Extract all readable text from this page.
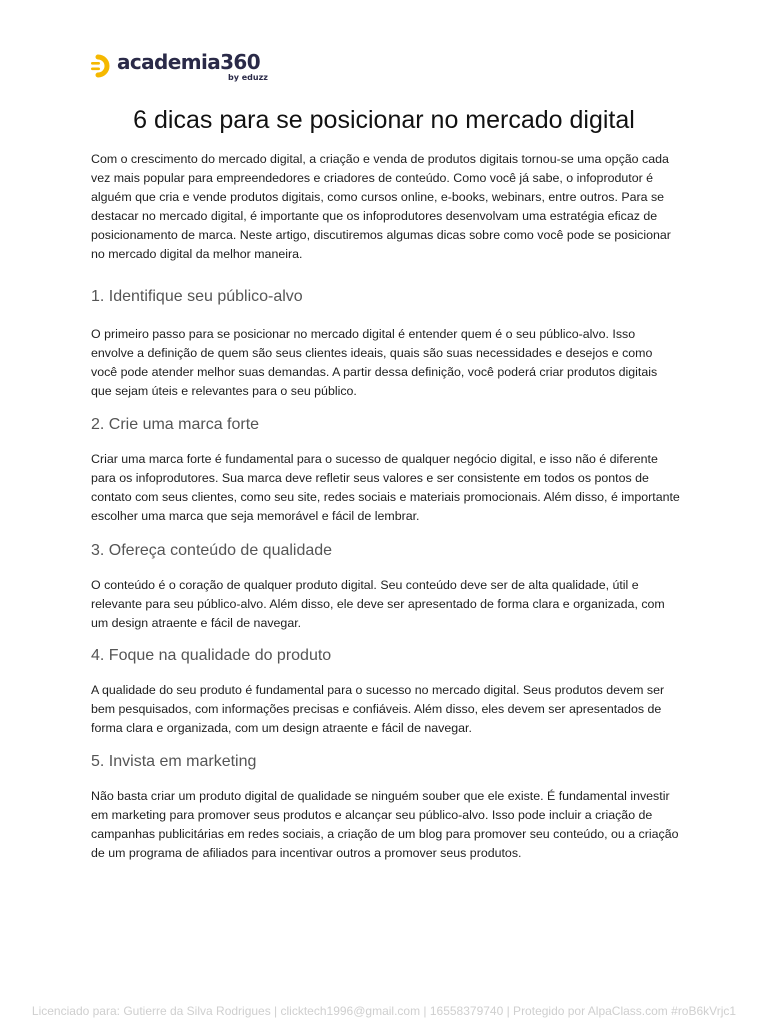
academia360
by eduzz
6 dicas para se posicionar no mercado digital

Com o crescimento do mercado digital, a criação e venda de produtos digitais tornou-se uma opção cada vez mais popular para empreendedores e criadores de conteúdo. Como você já sabe, o infoprodutor é alguém que cria e vende produtos digitais, como cursos online, e-books, webinars, entre outros. Para se destacar no mercado digital, é importante que os infoprodutores desenvolvam uma estratégia eficaz de posicionamento de marca. Neste artigo, discutiremos algumas dicas sobre como você pode se posicionar no mercado digital da melhor maneira.

1. Identifique seu público-alvo

O primeiro passo para se posicionar no mercado digital é entender quem é o seu público-alvo. Isso envolve a definição de quem são seus clientes ideais, quais são suas necessidades e desejos e como você pode atender melhor suas demandas. A partir dessa definição, você poderá criar produtos digitais que sejam úteis e relevantes para o seu público.

2. Crie uma marca forte

Criar uma marca forte é fundamental para o sucesso de qualquer negócio digital, e isso não é diferente para os infoprodutores. Sua marca deve refletir seus valores e ser consistente em todos os pontos de contato com seus clientes, como seu site, redes sociais e materiais promocionais. Além disso, é importante escolher uma marca que seja memorável e fácil de lembrar.

3. Ofereça conteúdo de qualidade

O conteúdo é o coração de qualquer produto digital. Seu conteúdo deve ser de alta qualidade, útil e relevante para seu público-alvo. Além disso, ele deve ser apresentado de forma clara e organizada, com um design atraente e fácil de navegar.

4. Foque na qualidade do produto

A qualidade do seu produto é fundamental para o sucesso no mercado digital. Seus produtos devem ser bem pesquisados, com informações precisas e confiáveis. Além disso, eles devem ser apresentados de forma clara e organizada, com um design atraente e fácil de navegar.

5. Invista em marketing

Não basta criar um produto digital de qualidade se ninguém souber que ele existe. É fundamental investir em marketing para promover seus produtos e alcançar seu público-alvo. Isso pode incluir a criação de campanhas publicitárias em redes sociais, a criação de um blog para promover seu conteúdo, ou a criação de um programa de afiliados para incentivar outros a promover seus produtos.

Licenciado para: Gutierre da Silva Rodrigues | clicktech1996@gmail.com | 16558379740 | Protegido por AlpaClass.com #roB6kVrjc1
